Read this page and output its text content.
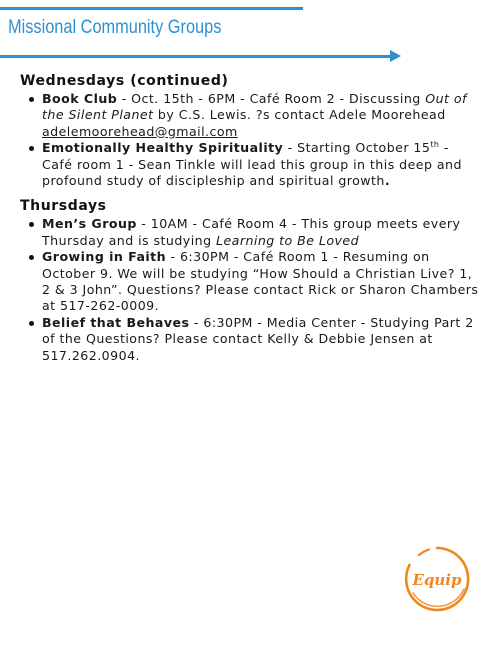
Missional Community Groups
Wednesdays (continued)
Book Club - Oct. 15th - 6PM - Café Room 2 - Discussing Out of the Silent Planet by C.S. Lewis. ?s contact Adele Moorehead adelemoorehead@gmail.com
Emotionally Healthy Spirituality - Starting October 15th - Café room 1 - Sean Tinkle will lead this group in this deep and profound study of discipleship and spiritual growth.
Thursdays
Men’s Group - 10AM - Café Room 4 - This group meets every Thursday and is studying Learning to Be Loved
Growing in Faith - 6:30PM - Café Room 1 - Resuming on October 9. We will be studying “How Should a Christian Live? 1, 2 & 3 John”. Questions? Please contact Rick or Sharon Chambers at 517-262-0009.
Belief that Behaves - 6:30PM - Media Center - Studying Part 2 of the Questions? Please contact Kelly & Debbie Jensen at 517.262.0904.
Equip
